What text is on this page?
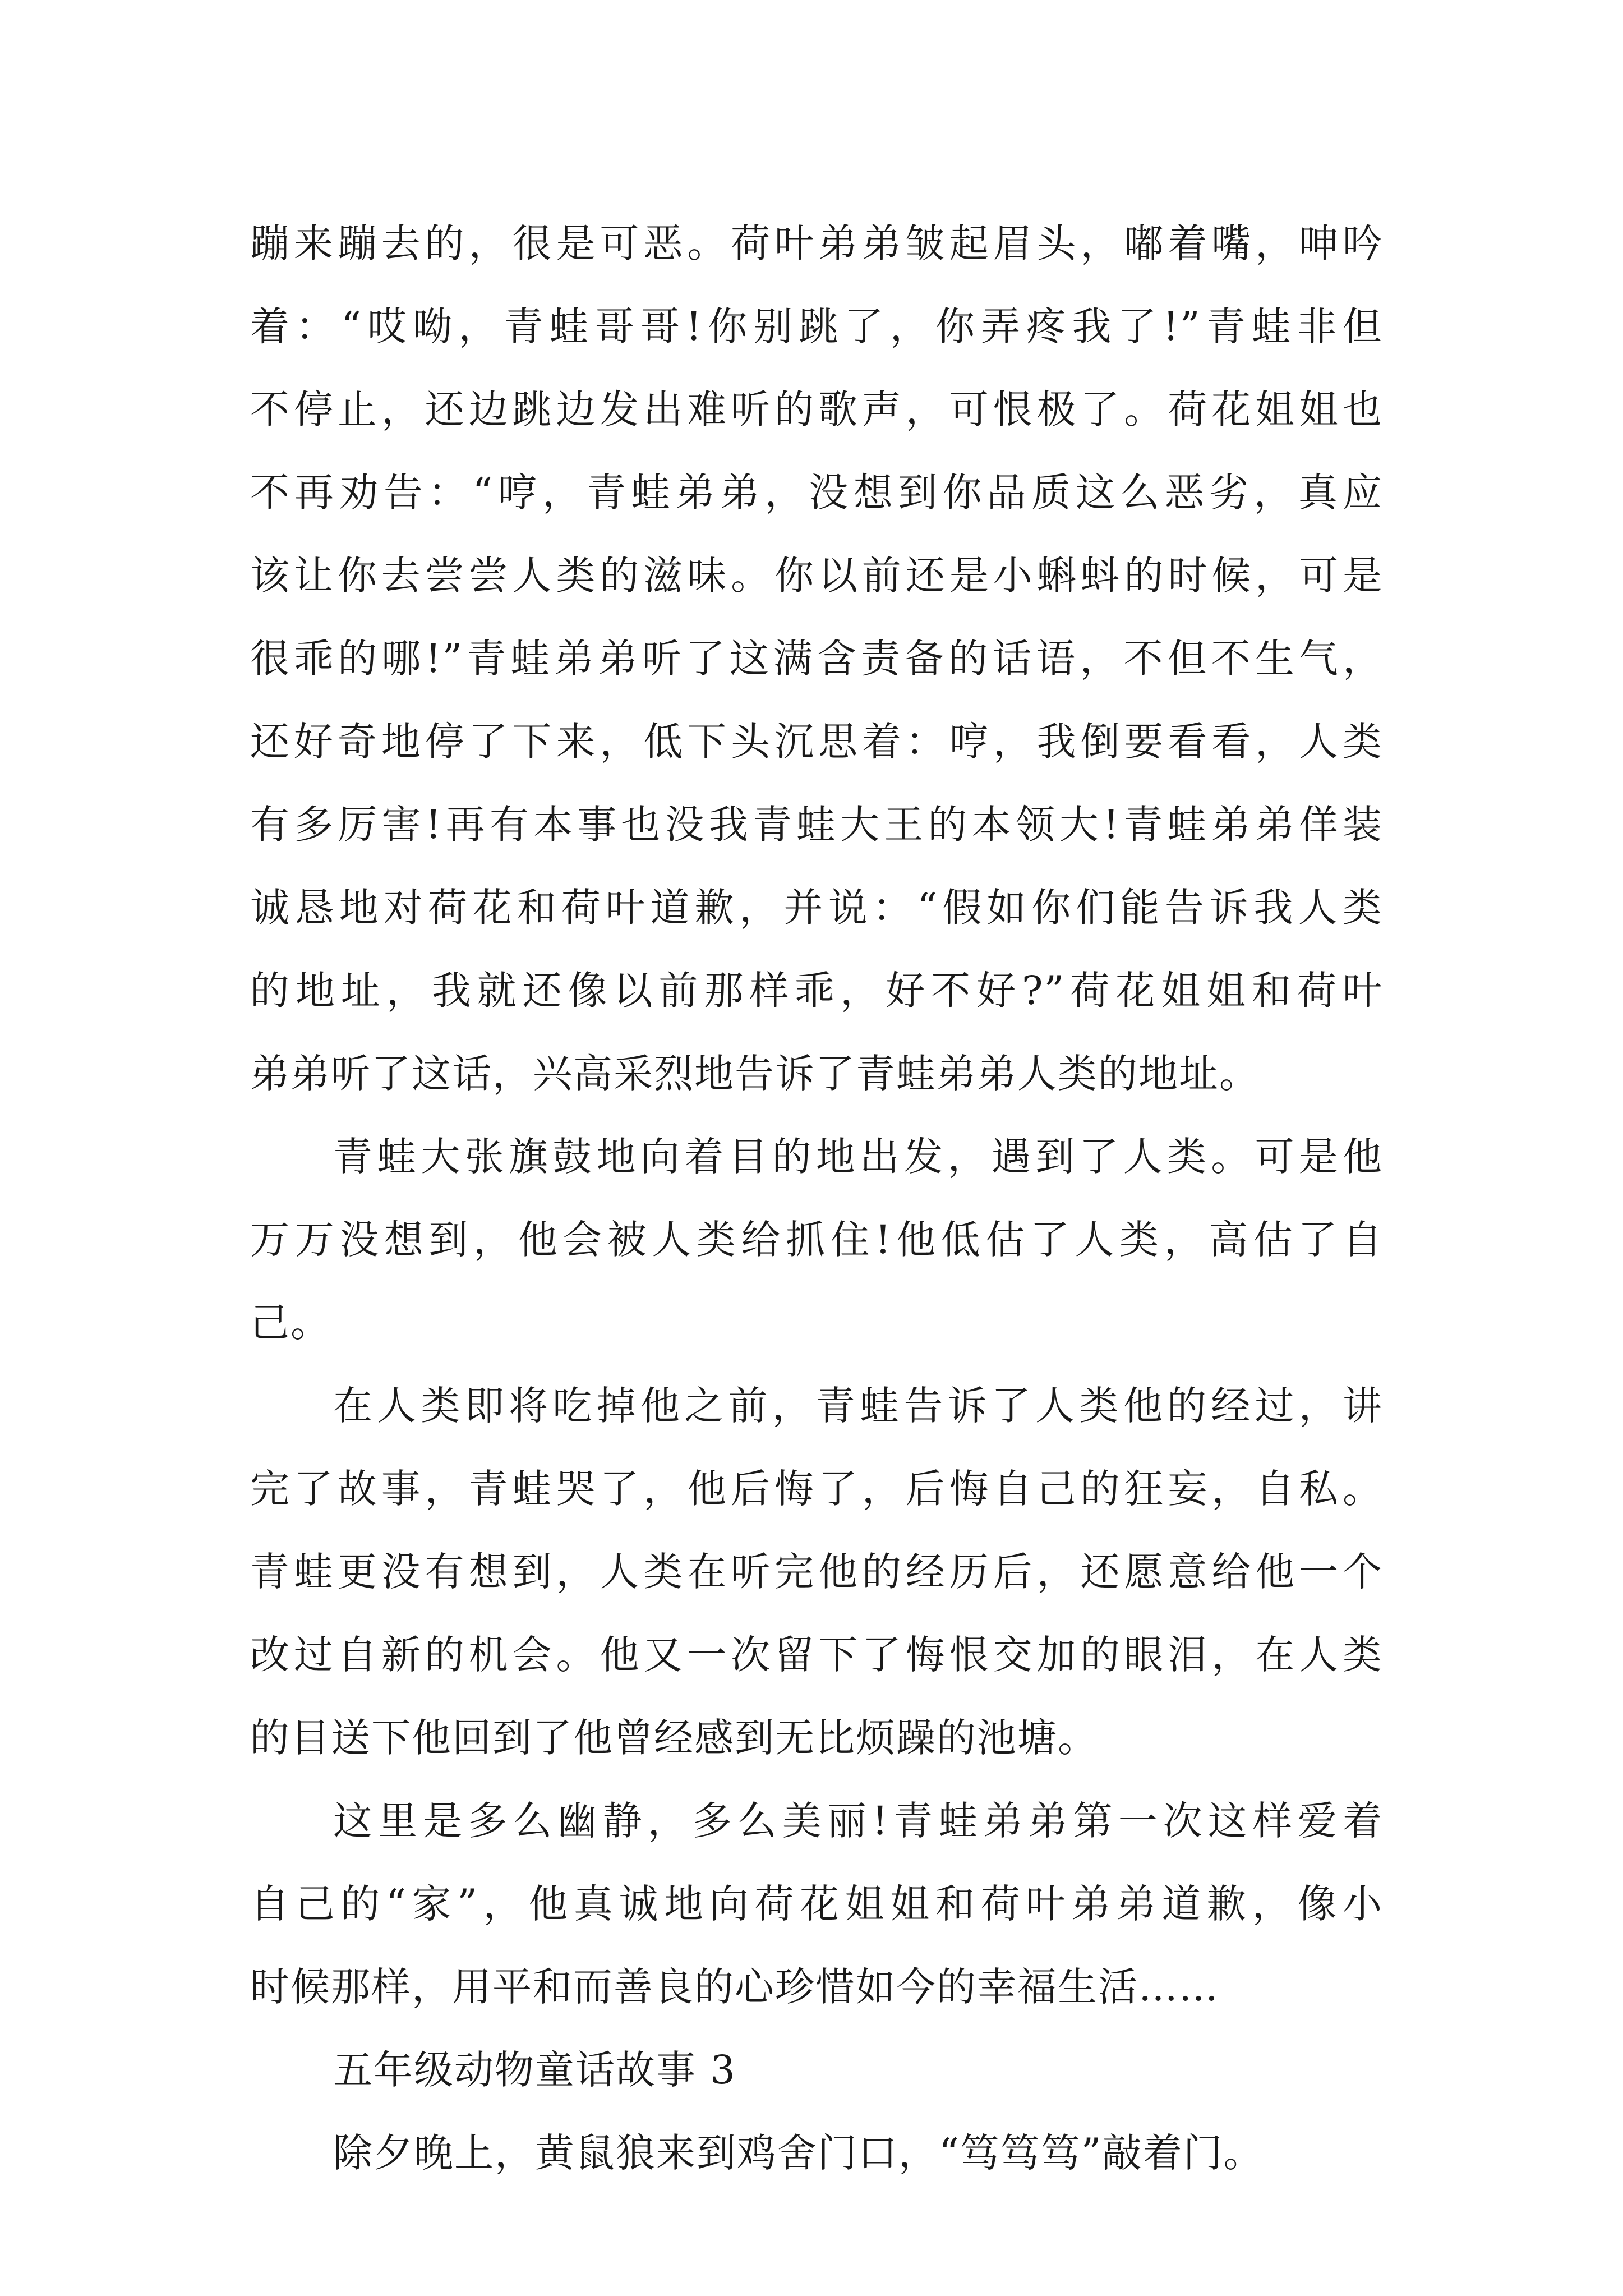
蹦来蹦去的，很是可恶。荷叶弟弟皱起眉头，嘟着嘴，呻吟
着：“哎呦，青蛙哥哥!你别跳了，你弄疼我了!”青蛙非但
不停止，还边跳边发出难听的歌声，可恨极了。荷花姐姐也
不再劝告：“哼，青蛙弟弟，没想到你品质这么恶劣，真应
该让你去尝尝人类的滋味。你以前还是小蝌蚪的时候，可是
很乖的哪!”青蛙弟弟听了这满含责备的话语，不但不生气，
还好奇地停了下来，低下头沉思着：哼，我倒要看看，人类
有多厉害!再有本事也没我青蛙大王的本领大!青蛙弟弟佯装
诚恳地对荷花和荷叶道歉，并说：“假如你们能告诉我人类
的地址，我就还像以前那样乖，好不好?”荷花姐姐和荷叶
弟弟听了这话，兴高采烈地告诉了青蛙弟弟人类的地址。
青蛙大张旗鼓地向着目的地出发，遇到了人类。可是他
万万没想到，他会被人类给抓住!他低估了人类，高估了自
己。
在人类即将吃掉他之前，青蛙告诉了人类他的经过，讲
完了故事，青蛙哭了，他后悔了，后悔自己的狂妄，自私。
青蛙更没有想到，人类在听完他的经历后，还愿意给他一个
改过自新的机会。他又一次留下了悔恨交加的眼泪，在人类
的目送下他回到了他曾经感到无比烦躁的池塘。
这里是多么幽静，多么美丽!青蛙弟弟第一次这样爱着
自己的“家”，他真诚地向荷花姐姐和荷叶弟弟道歉，像小
时候那样，用平和而善良的心珍惜如今的幸福生活……
五年级动物童话故事 3
除夕晚上，黄鼠狼来到鸡舍门口，“笃笃笃”敲着门。
